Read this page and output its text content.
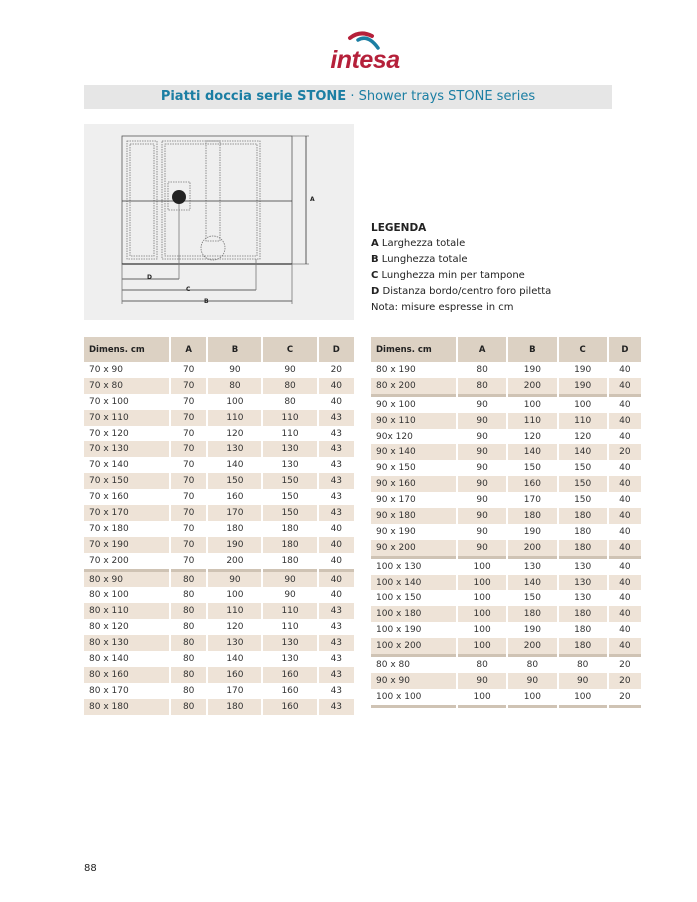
intesa
Piatti doccia serie STONE · Shower trays STONE series
A
D
C
B
LEGENDA
A Larghezza totale
B Lunghezza totale
C Lunghezza min per tampone
D Distanza bordo/centro foro piletta
Nota: misure espresse in cm
Dimens. cm	A	B	C	D
70 x 90	70	90	90	20
70 x 80	70	80	80	40
70 x 100	70	100	80	40
70 x 110	70	110	110	43
70 x 120	70	120	110	43
70 x 130	70	130	130	43
70 x 140	70	140	130	43
70 x 150	70	150	150	43
70 x 160	70	160	150	43
70 x 170	70	170	150	43
70 x 180	70	180	180	40
70 x 190	70	190	180	40
70 x 200	70	200	180	40
80 x 90	80	90	90	40
80 x 100	80	100	90	40
80 x 110	80	110	110	43
80 x 120	80	120	110	43
80 x 130	80	130	130	43
80 x 140	80	140	130	43
80 x 160	80	160	160	43
80 x 170	80	170	160	43
80 x 180	80	180	160	43
Dimens. cm	A	B	C	D
80 x 190	80	190	190	40
80 x 200	80	200	190	40
90 x 100	90	100	100	40
90 x 110	90	110	110	40
90x 120	90	120	120	40
90 x 140	90	140	140	20
90 x 150	90	150	150	40
90 x 160	90	160	150	40
90 x 170	90	170	150	40
90 x 180	90	180	180	40
90 x 190	90	190	180	40
90 x 200	90	200	180	40
100 x 130	100	130	130	40
100 x 140	100	140	130	40
100 x 150	100	150	130	40
100 x 180	100	180	180	40
100 x 190	100	190	180	40
100 x 200	100	200	180	40
80 x 80	80	80	80	20
90 x 90	90	90	90	20
100 x 100	100	100	100	20
88
